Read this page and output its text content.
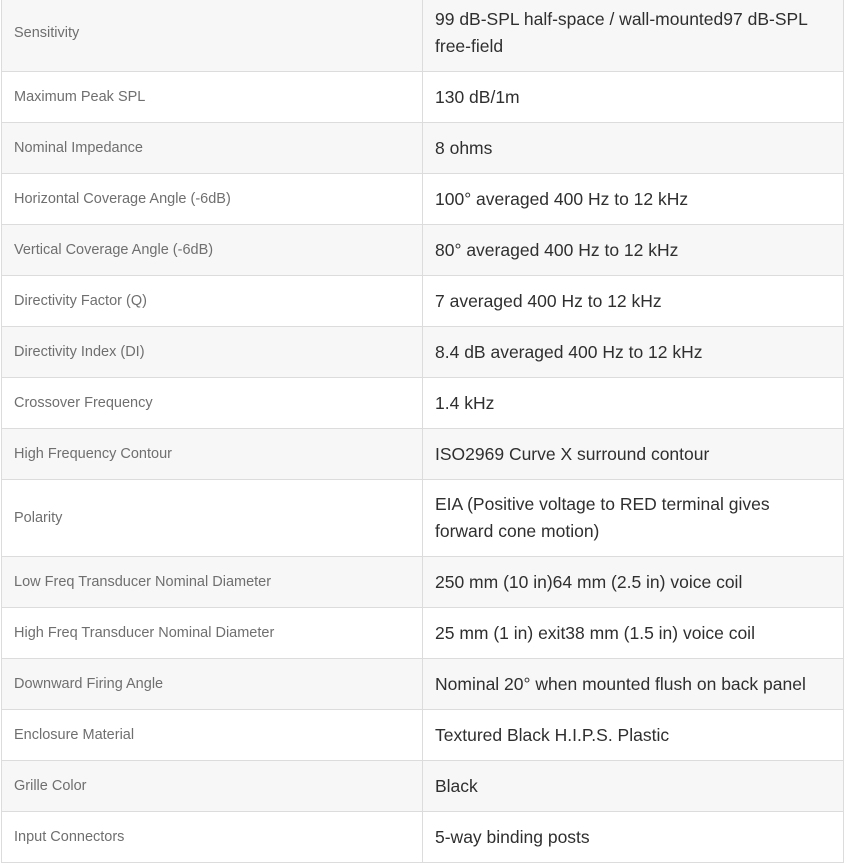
Sensitivity	99 dB-SPL half-space / wall-mounted97 dB-SPL free-field
Maximum Peak SPL	130 dB/1m
Nominal Impedance	8 ohms
Horizontal Coverage Angle (-6dB)	100° averaged 400 Hz to 12 kHz
Vertical Coverage Angle (-6dB)	80° averaged 400 Hz to 12 kHz
Directivity Factor (Q)	7 averaged 400 Hz to 12 kHz
Directivity Index (DI)	8.4 dB averaged 400 Hz to 12 kHz
Crossover Frequency	1.4 kHz
High Frequency Contour	ISO2969 Curve X surround contour
Polarity	EIA (Positive voltage to RED terminal gives forward cone motion)
Low Freq Transducer Nominal Diameter	250 mm (10 in)64 mm (2.5 in) voice coil
High Freq Transducer Nominal Diameter	25 mm (1 in) exit38 mm (1.5 in) voice coil
Downward Firing Angle	Nominal 20° when mounted flush on back panel
Enclosure Material	Textured Black H.I.P.S. Plastic
Grille Color	Black
Input Connectors	5-way binding posts
